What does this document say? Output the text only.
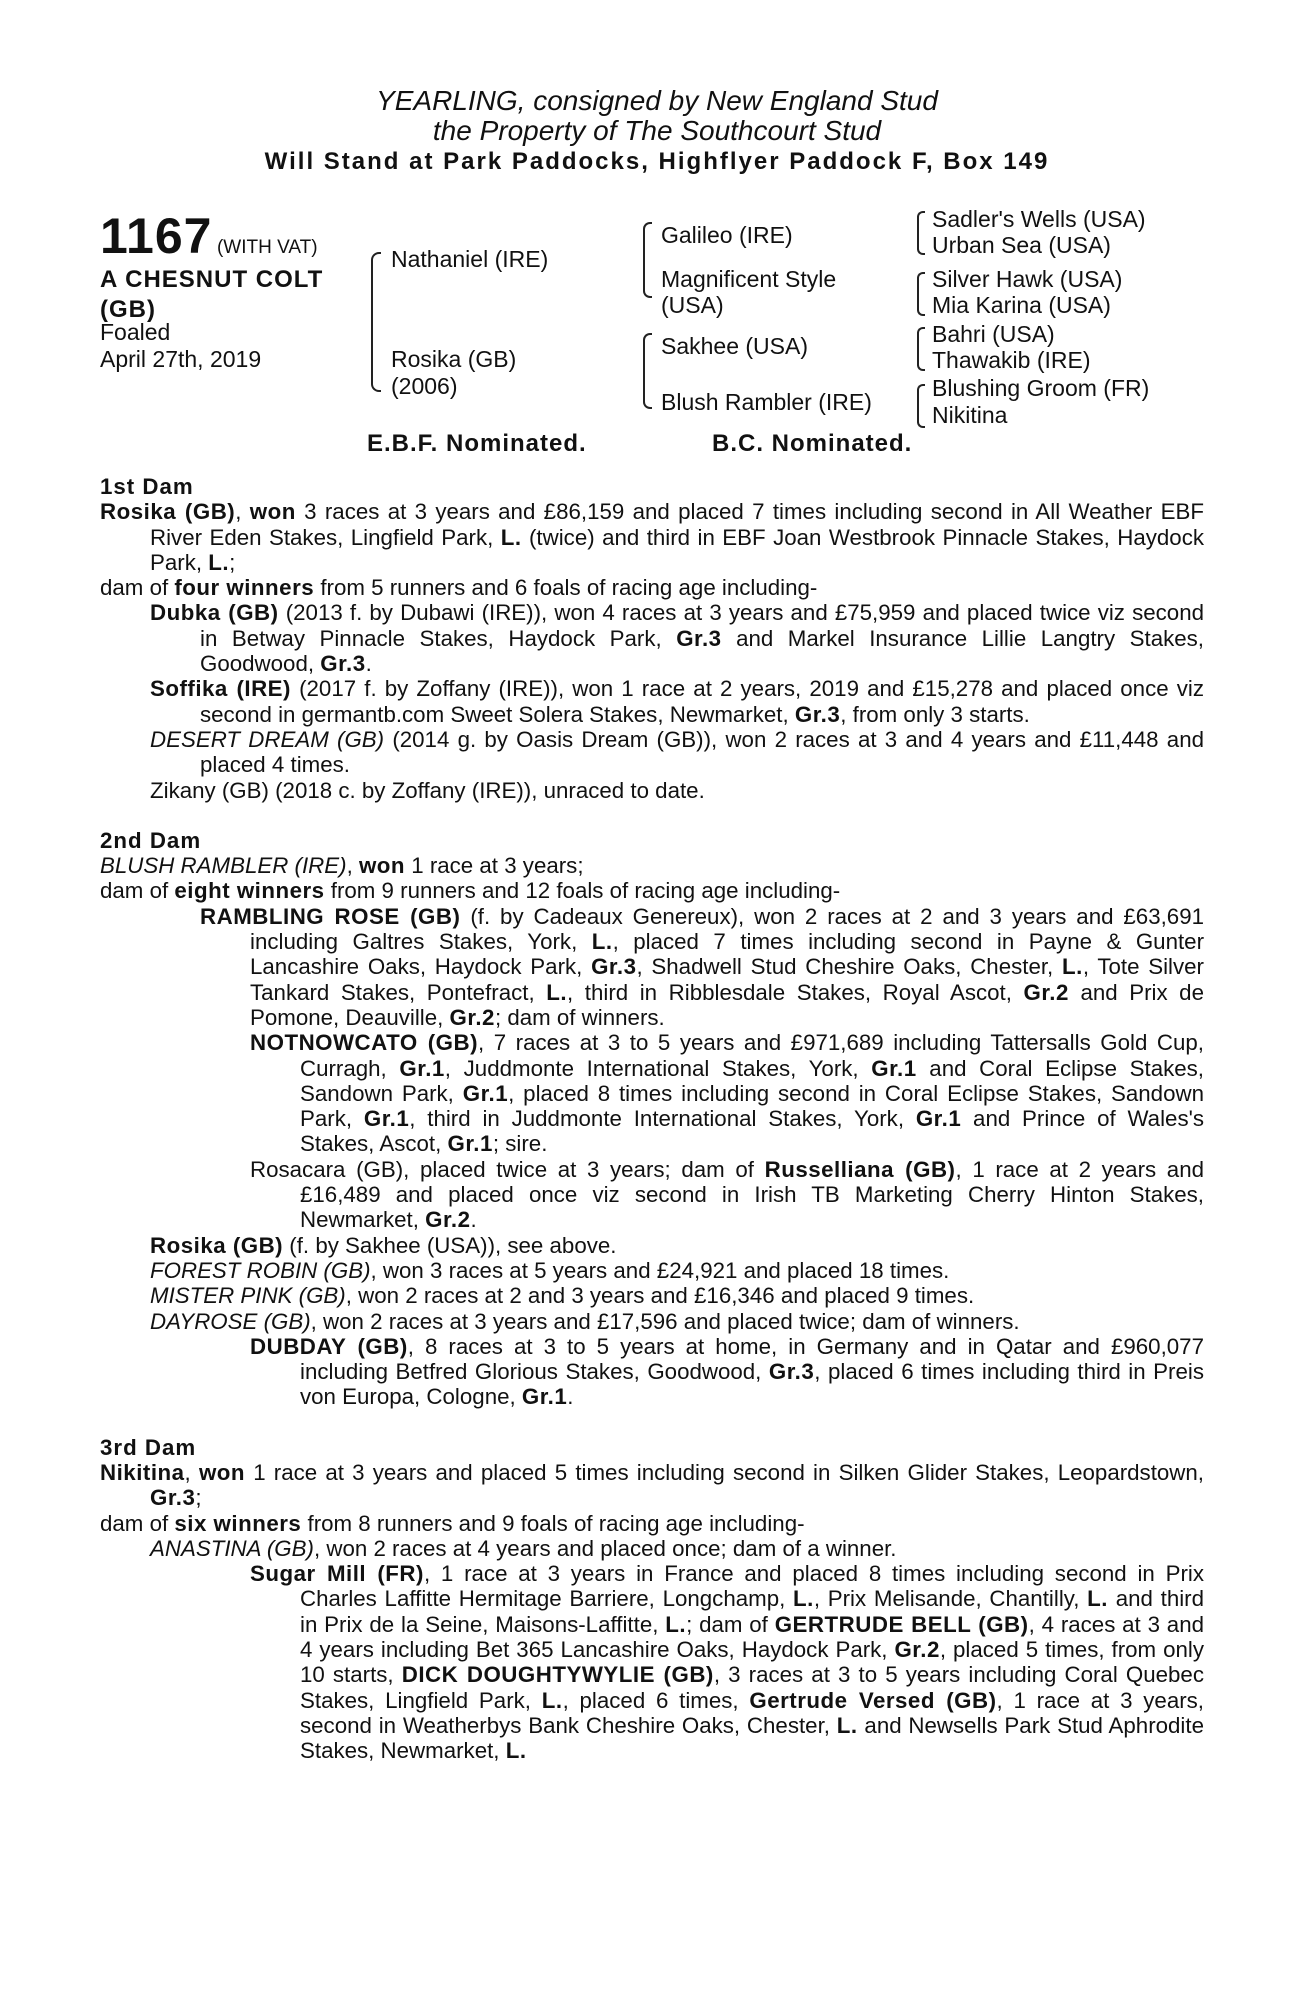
YEARLING, consigned by New England Stud
the Property of The Southcourt Stud
Will Stand at Park Paddocks, Highflyer Paddock F, Box 149
1167 (WITH VAT)
A CHESNUT COLT
(GB)
Foaled
April 27th, 2019
Nathaniel (IRE)
Rosika (GB)
(2006)
Galileo (IRE)
Magnificent Style
(USA)
Sakhee (USA)
Blush Rambler (IRE)
Sadler's Wells (USA)
Urban Sea (USA)
Silver Hawk (USA)
Mia Karina (USA)
Bahri (USA)
Thawakib (IRE)
Blushing Groom (FR)
Nikitina
E.B.F. Nominated.	B.C. Nominated.
1st Dam
Rosika (GB), won 3 races at 3 years and £86,159 and placed 7 times including second in All Weather EBF River Eden Stakes, Lingfield Park, L. (twice) and third in EBF Joan Westbrook Pinnacle Stakes, Haydock Park, L.;
dam of four winners from 5 runners and 6 foals of racing age including-
Dubka (GB) (2013 f. by Dubawi (IRE)), won 4 races at 3 years and £75,959 and placed twice viz second in Betway Pinnacle Stakes, Haydock Park, Gr.3 and Markel Insurance Lillie Langtry Stakes, Goodwood, Gr.3.
Soffika (IRE) (2017 f. by Zoffany (IRE)), won 1 race at 2 years, 2019 and £15,278 and placed once viz second in germantb.com Sweet Solera Stakes, Newmarket, Gr.3, from only 3 starts.
DESERT DREAM (GB) (2014 g. by Oasis Dream (GB)), won 2 races at 3 and 4 years and £11,448 and placed 4 times.
Zikany (GB) (2018 c. by Zoffany (IRE)), unraced to date.
2nd Dam
BLUSH RAMBLER (IRE), won 1 race at 3 years;
dam of eight winners from 9 runners and 12 foals of racing age including-
RAMBLING ROSE (GB) (f. by Cadeaux Genereux), won 2 races at 2 and 3 years and £63,691 including Galtres Stakes, York, L., placed 7 times including second in Payne & Gunter Lancashire Oaks, Haydock Park, Gr.3, Shadwell Stud Cheshire Oaks, Chester, L., Tote Silver Tankard Stakes, Pontefract, L., third in Ribblesdale Stakes, Royal Ascot, Gr.2 and Prix de Pomone, Deauville, Gr.2; dam of winners.
NOTNOWCATO (GB), 7 races at 3 to 5 years and £971,689 including Tattersalls Gold Cup, Curragh, Gr.1, Juddmonte International Stakes, York, Gr.1 and Coral Eclipse Stakes, Sandown Park, Gr.1, placed 8 times including second in Coral Eclipse Stakes, Sandown Park, Gr.1, third in Juddmonte International Stakes, York, Gr.1 and Prince of Wales's Stakes, Ascot, Gr.1; sire.
Rosacara (GB), placed twice at 3 years; dam of Russelliana (GB), 1 race at 2 years and £16,489 and placed once viz second in Irish TB Marketing Cherry Hinton Stakes, Newmarket, Gr.2.
Rosika (GB) (f. by Sakhee (USA)), see above.
FOREST ROBIN (GB), won 3 races at 5 years and £24,921 and placed 18 times.
MISTER PINK (GB), won 2 races at 2 and 3 years and £16,346 and placed 9 times.
DAYROSE (GB), won 2 races at 3 years and £17,596 and placed twice; dam of winners.
DUBDAY (GB), 8 races at 3 to 5 years at home, in Germany and in Qatar and £960,077 including Betfred Glorious Stakes, Goodwood, Gr.3, placed 6 times including third in Preis von Europa, Cologne, Gr.1.
3rd Dam
Nikitina, won 1 race at 3 years and placed 5 times including second in Silken Glider Stakes, Leopardstown, Gr.3;
dam of six winners from 8 runners and 9 foals of racing age including-
ANASTINA (GB), won 2 races at 4 years and placed once; dam of a winner.
Sugar Mill (FR), 1 race at 3 years in France and placed 8 times including second in Prix Charles Laffitte Hermitage Barriere, Longchamp, L., Prix Melisande, Chantilly, L. and third in Prix de la Seine, Maisons-Laffitte, L.; dam of GERTRUDE BELL (GB), 4 races at 3 and 4 years including Bet 365 Lancashire Oaks, Haydock Park, Gr.2, placed 5 times, from only 10 starts, DICK DOUGHTYWYLIE (GB), 3 races at 3 to 5 years including Coral Quebec Stakes, Lingfield Park, L., placed 6 times, Gertrude Versed (GB), 1 race at 3 years, second in Weatherbys Bank Cheshire Oaks, Chester, L. and Newsells Park Stud Aphrodite Stakes, Newmarket, L.
